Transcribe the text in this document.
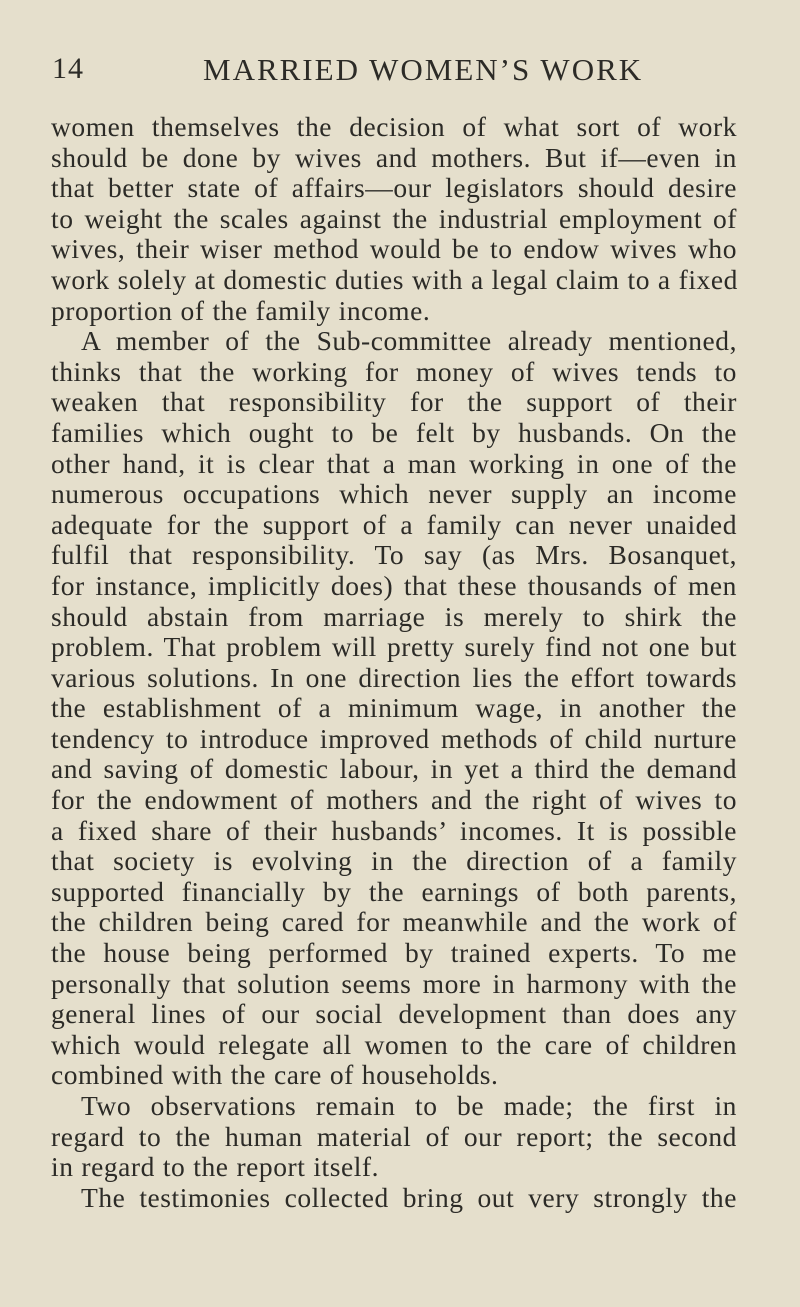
14	MARRIED WOMEN’S WORK
women themselves the decision of what sort of work
should be done by wives and mothers. But if—even in
that better state of affairs—our legislators should desire
to weight the scales against the industrial employment of
wives, their wiser method would be to endow wives who
work solely at domestic duties with a legal claim to a fixed
proportion of the family income.
A member of the Sub-committee already mentioned,
thinks that the working for money of wives tends to
weaken that responsibility for the support of their
families which ought to be felt by husbands. On the
other hand, it is clear that a man working in one of the
numerous occupations which never supply an income
adequate for the support of a family can never unaided
fulfil that responsibility. To say (as Mrs. Bosanquet,
for instance, implicitly does) that these thousands of men
should abstain from marriage is merely to shirk the
problem. That problem will pretty surely find not one but
various solutions. In one direction lies the effort towards
the establishment of a minimum wage, in another the
tendency to introduce improved methods of child nurture
and saving of domestic labour, in yet a third the demand
for the endowment of mothers and the right of wives to
a fixed share of their husbands’ incomes. It is possible
that society is evolving in the direction of a family
supported financially by the earnings of both parents,
the children being cared for meanwhile and the work of
the house being performed by trained experts. To me
personally that solution seems more in harmony with the
general lines of our social development than does any
which would relegate all women to the care of children
combined with the care of households.
Two observations remain to be made; the first in
regard to the human material of our report; the second
in regard to the report itself.
The testimonies collected bring out very strongly the
